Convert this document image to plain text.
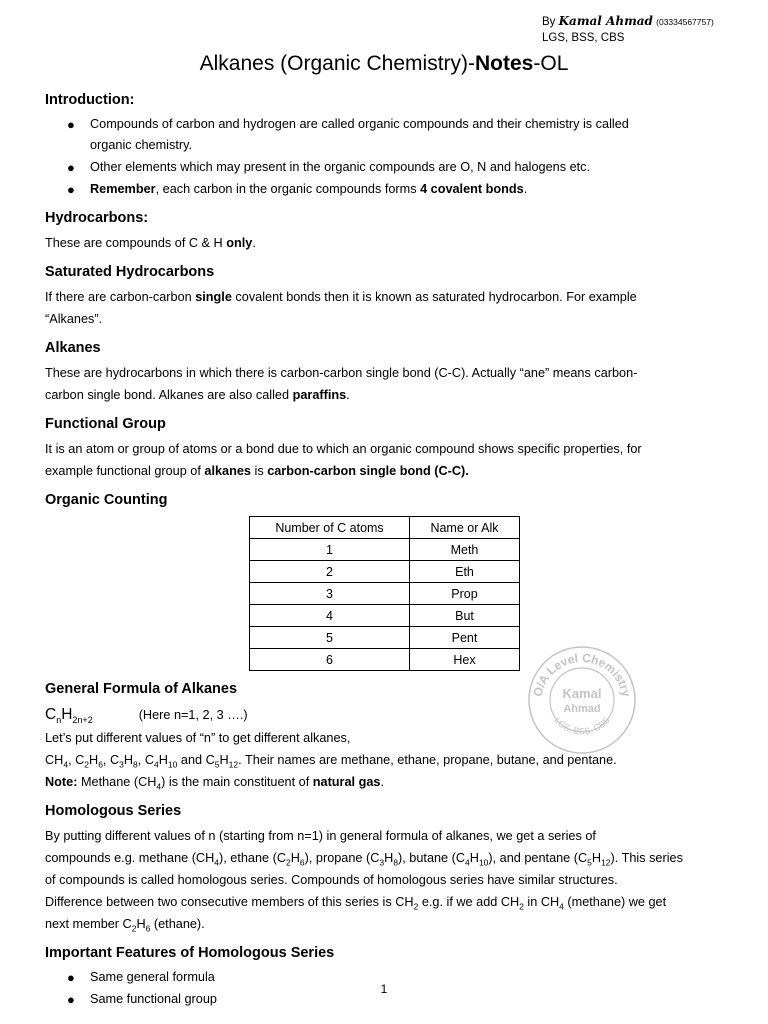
By Kamal Ahmad (03334567757)
LGS, BSS, CBS
Alkanes (Organic Chemistry)-Notes-OL
Introduction:
● Compounds of carbon and hydrogen are called organic compounds and their chemistry is called
organic chemistry.
● Other elements which may present in the organic compounds are O, N and halogens etc.
● Remember, each carbon in the organic compounds forms 4 covalent bonds.
Hydrocarbons:
These are compounds of C & H only.
Saturated Hydrocarbons
If there are carbon-carbon single covalent bonds then it is known as saturated hydrocarbon. For example
“Alkanes”.
Alkanes
These are hydrocarbons in which there is carbon-carbon single bond (C-C). Actually “ane” means carbon-
carbon single bond. Alkanes are also called paraffins.
Functional Group
It is an atom or group of atoms or a bond due to which an organic compound shows specific properties, for
example functional group of alkanes is carbon-carbon single bond (C-C).
Organic Counting
Number of C atoms	Name or Alk
1	Meth
2	Eth
3	Prop
4	But
5	Pent
6	Hex
General Formula of Alkanes
$C_nH_{2n+2}$	(Here n=1, 2, 3 ….)
Let’s put different values of “n” to get different alkanes,
$CH_4$, $C_2H_6$, $C_3H_8$, $C_4H_{10}$ and $C_5H_{12}$. Their names are methane, ethane, propane, butane, and pentane.
Note: Methane $(CH_4)$ is the main constituent of natural gas.
Homologous Series
By putting different values of n (starting from n=1) in general formula of alkanes, we get a series of
compounds e.g. methane $(CH_4)$, ethane $(C_2H_6)$, propane $(C_3H_8)$, butane $(C_4H_{10})$, and pentane $(C_5H_{12})$. This series
of compounds is called homologous series. Compounds of homologous series have similar structures.
Difference between two consecutive members of this series is $CH_2$ e.g. if we add $CH_2$ in $CH_4$ (methane) we get
next member $C_2H_6$ (ethane).
Important Features of Homologous Series
● Same general formula
● Same functional group
O/A Level Chemistry
Kamal
Ahmad
LGS, BSS, CBS
1
